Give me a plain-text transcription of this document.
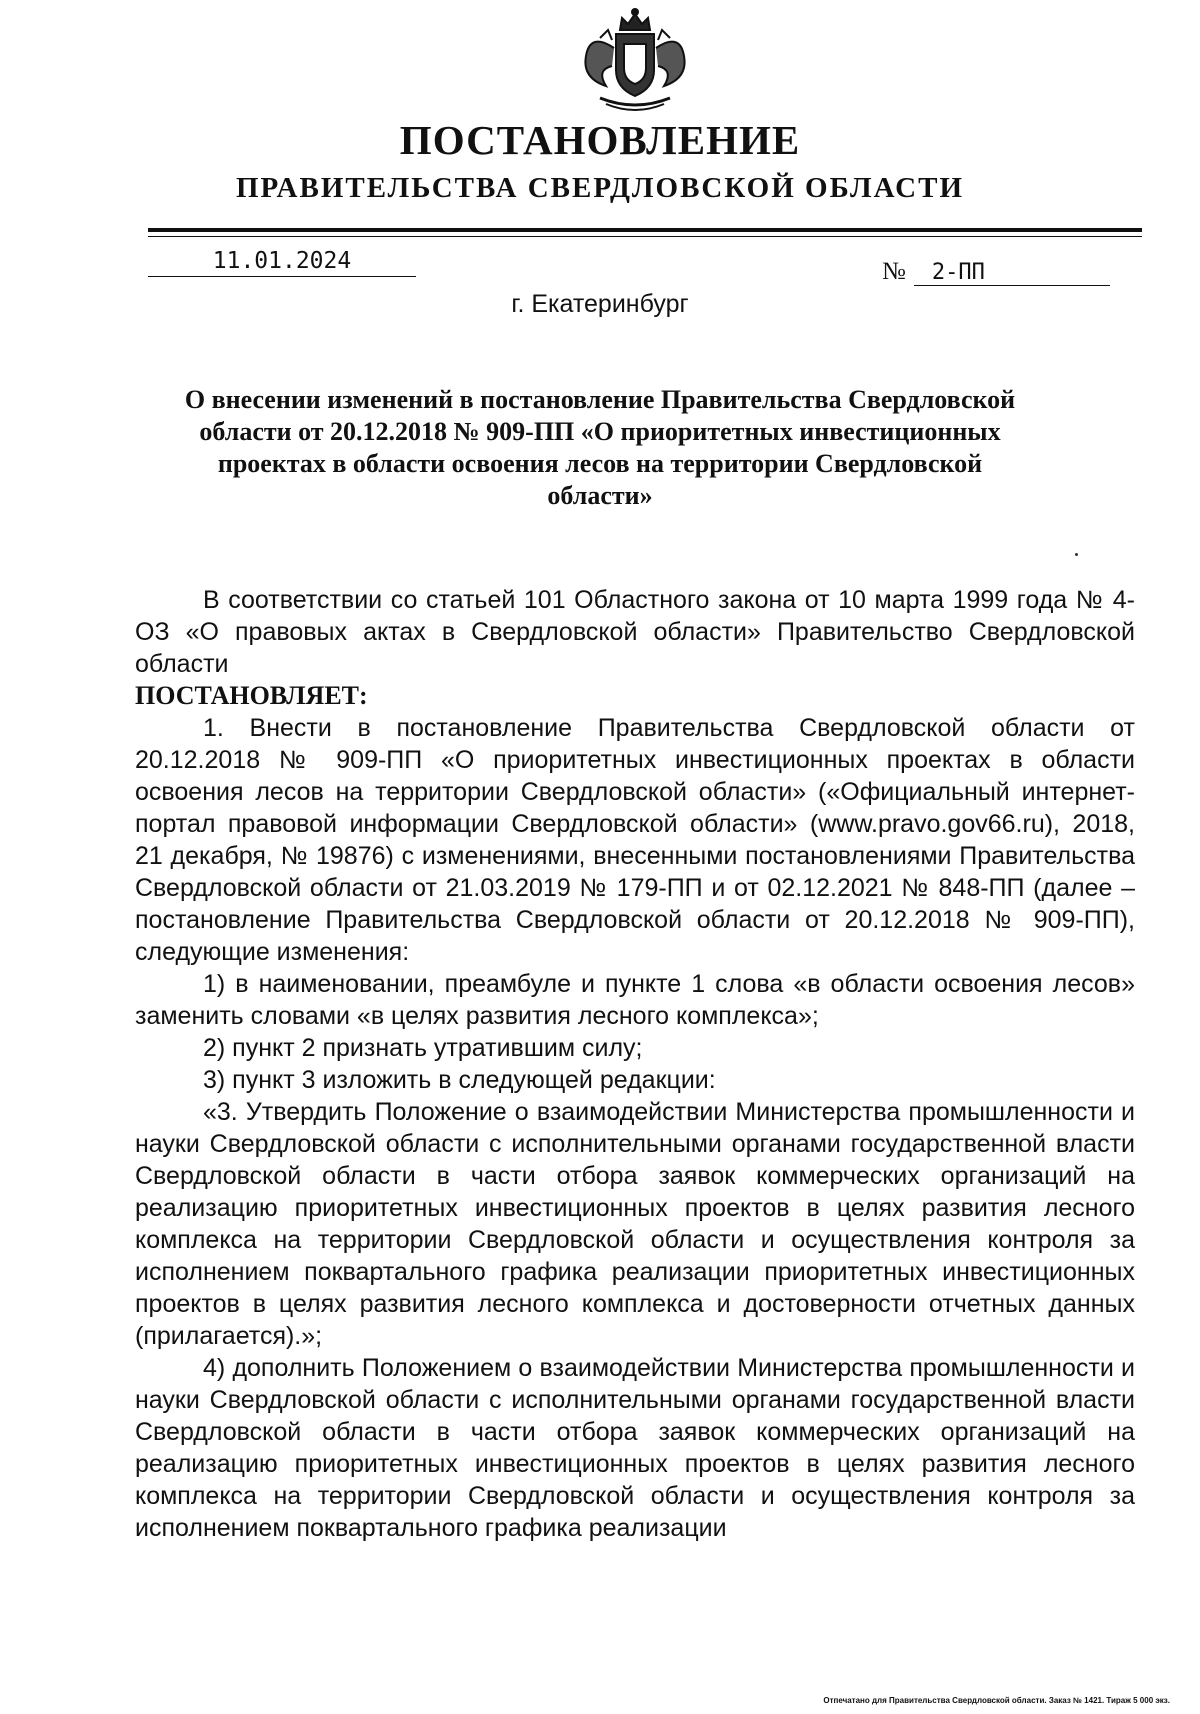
ПОСТАНОВЛЕНИЕ
ПРАВИТЕЛЬСТВА СВЕРДЛОВСКОЙ ОБЛАСТИ
11.01.2024	№ 2-ПП
г. Екатеринбург
О внесении изменений в постановление Правительства Свердловской области от 20.12.2018 № 909-ПП «О приоритетных инвестиционных проектах в области освоения лесов на территории Свердловской области»

В соответствии со статьей 101 Областного закона от 10 марта 1999 года № 4-ОЗ «О правовых актах в Свердловской области» Правительство Свердловской области

ПОСТАНОВЛЯЕТ:

1. Внести в постановление Правительства Свердловской области от 20.12.2018 № 909-ПП «О приоритетных инвестиционных проектах в области освоения лесов на территории Свердловской области» («Официальный интернет-портал правовой информации Свердловской области» (www.pravo.gov66.ru), 2018, 21 декабря, № 19876) с изменениями, внесенными постановлениями Правительства Свердловской области от 21.03.2019 № 179-ПП и от 02.12.2021 № 848-ПП (далее – постановление Правительства Свердловской области от 20.12.2018 № 909-ПП), следующие изменения:

1) в наименовании, преамбуле и пункте 1 слова «в области освоения лесов» заменить словами «в целях развития лесного комплекса»;

2) пункт 2 признать утратившим силу;

3) пункт 3 изложить в следующей редакции:

«3. Утвердить Положение о взаимодействии Министерства промышленности и науки Свердловской области с исполнительными органами государственной власти Свердловской области в части отбора заявок коммерческих организаций на реализацию приоритетных инвестиционных проектов в целях развития лесного комплекса на территории Свердловской области и осуществления контроля за исполнением поквартального графика реализации приоритетных инвестиционных проектов в целях развития лесного комплекса и достоверности отчетных данных (прилагается).»;

4) дополнить Положением о взаимодействии Министерства промышленности и науки Свердловской области с исполнительными органами государственной власти Свердловской области в части отбора заявок коммерческих организаций на реализацию приоритетных инвестиционных проектов в целях развития лесного комплекса на территории Свердловской области и осуществления контроля за исполнением поквартального графика реализации

Отпечатано для Правительства Свердловской области. Заказ № 1421. Тираж 5 000 экз.
